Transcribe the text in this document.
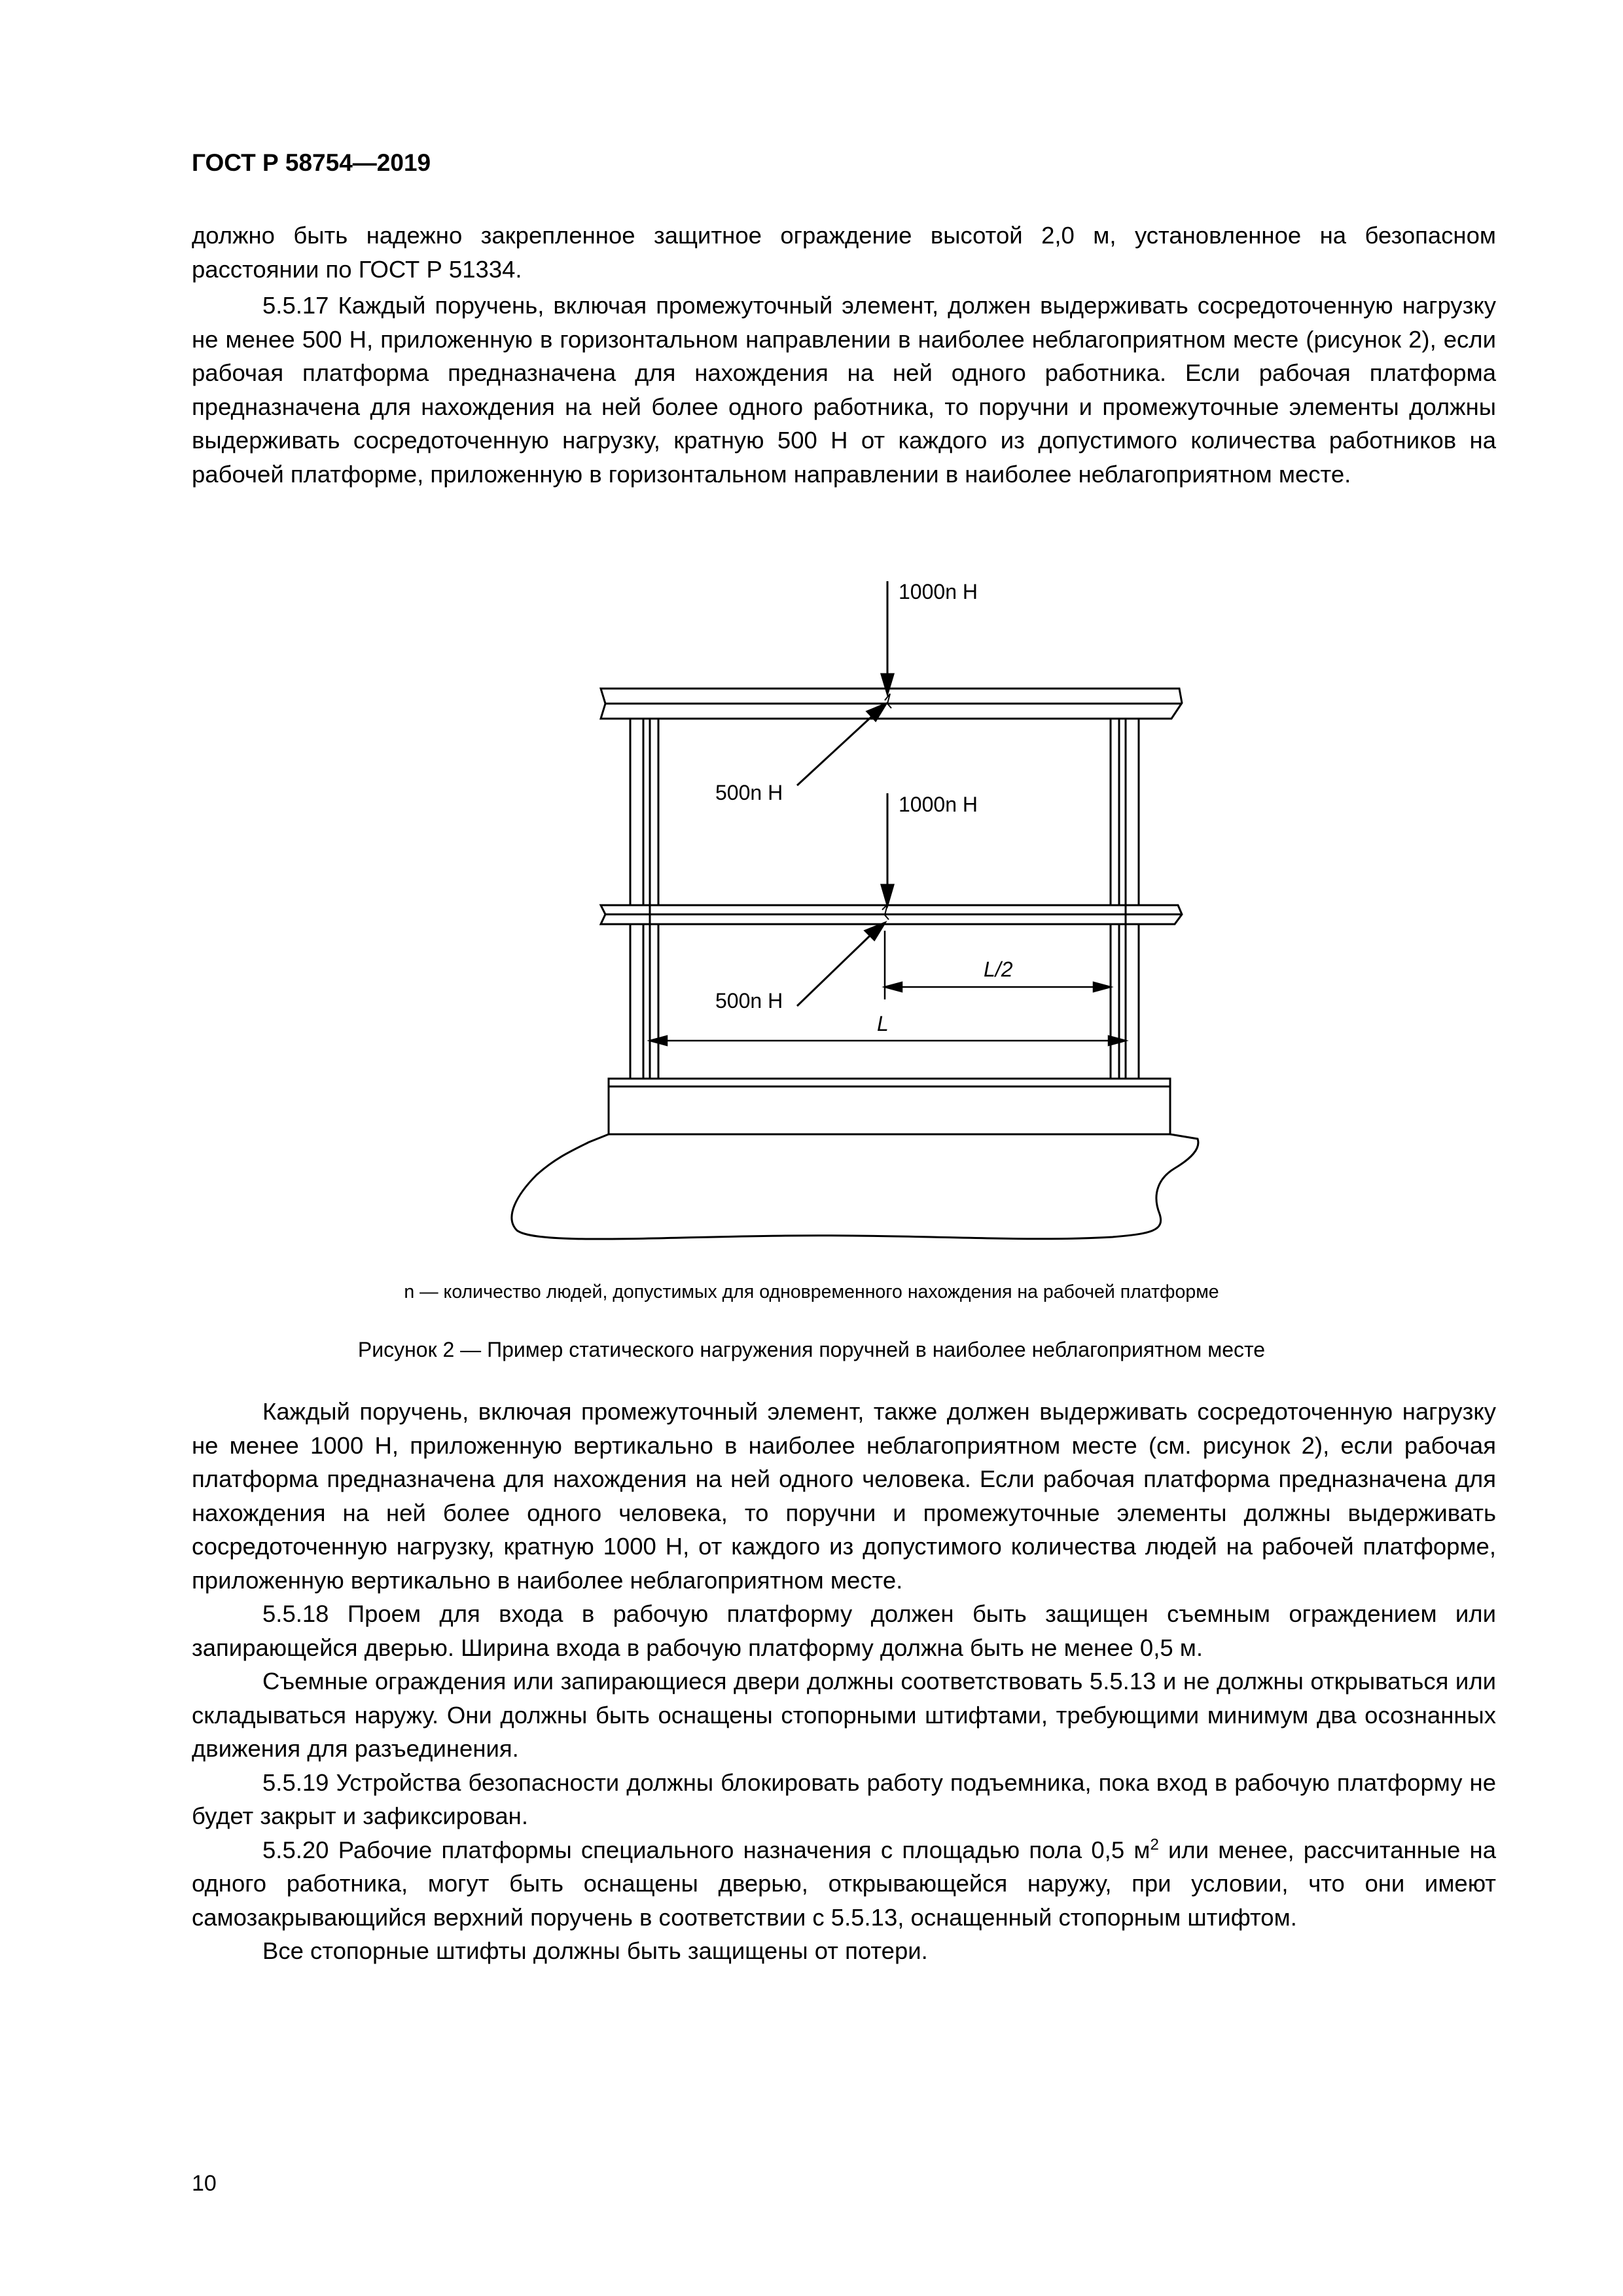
ГОСТ Р 58754—2019

должно быть надежно закрепленное защитное ограждение высотой 2,0 м, установленное на безопасном расстоянии по ГОСТ Р 51334.

5.5.17 Каждый поручень, включая промежуточный элемент, должен выдерживать сосредоточенную нагрузку не менее 500 Н, приложенную в горизонтальном направлении в наиболее неблагоприятном месте (рисунок 2), если рабочая платформа предназначена для нахождения на ней одного работника. Если рабочая платформа предназначена для нахождения на ней более одного работника, то поручни и промежуточные элементы должны выдерживать сосредоточенную нагрузку, кратную 500 Н от каждого из допустимого количества работников на рабочей платформе, приложенную в горизонтальном направлении в наиболее неблагоприятном месте.

1000n Н
500n Н	1000n Н
500n Н
L/2
L
n — количество людей, допустимых для одновременного нахождения на рабочей платформе
Рисунок 2 — Пример статического нагружения поручней в наиболее неблагоприятном месте

Каждый поручень, включая промежуточный элемент, также должен выдерживать сосредоточенную нагрузку не менее 1000 Н, приложенную вертикально в наиболее неблагоприятном месте (см. рисунок 2), если рабочая платформа предназначена для нахождения на ней одного человека. Если рабочая платформа предназначена для нахождения на ней более одного человека, то поручни и промежуточные элементы должны выдерживать сосредоточенную нагрузку, кратную 1000 Н, от каждого из допустимого количества людей на рабочей платформе, приложенную вертикально в наиболее неблагоприятном месте.

5.5.18 Проем для входа в рабочую платформу должен быть защищен съемным ограждением или запирающейся дверью. Ширина входа в рабочую платформу должна быть не менее 0,5 м.

Съемные ограждения или запирающиеся двери должны соответствовать 5.5.13 и не должны открываться или складываться наружу. Они должны быть оснащены стопорными штифтами, требующими минимум два осознанных движения для разъединения.

5.5.19 Устройства безопасности должны блокировать работу подъемника, пока вход в рабочую платформу не будет закрыт и зафиксирован.

5.5.20 Рабочие платформы специального назначения с площадью пола 0,5 $м^2$ или менее, рассчитанные на одного работника, могут быть оснащены дверью, открывающейся наружу, при условии, что они имеют самозакрывающийся верхний поручень в соответствии с 5.5.13, оснащенный стопорным штифтом.

Все стопорные штифты должны быть защищены от потери.

10
